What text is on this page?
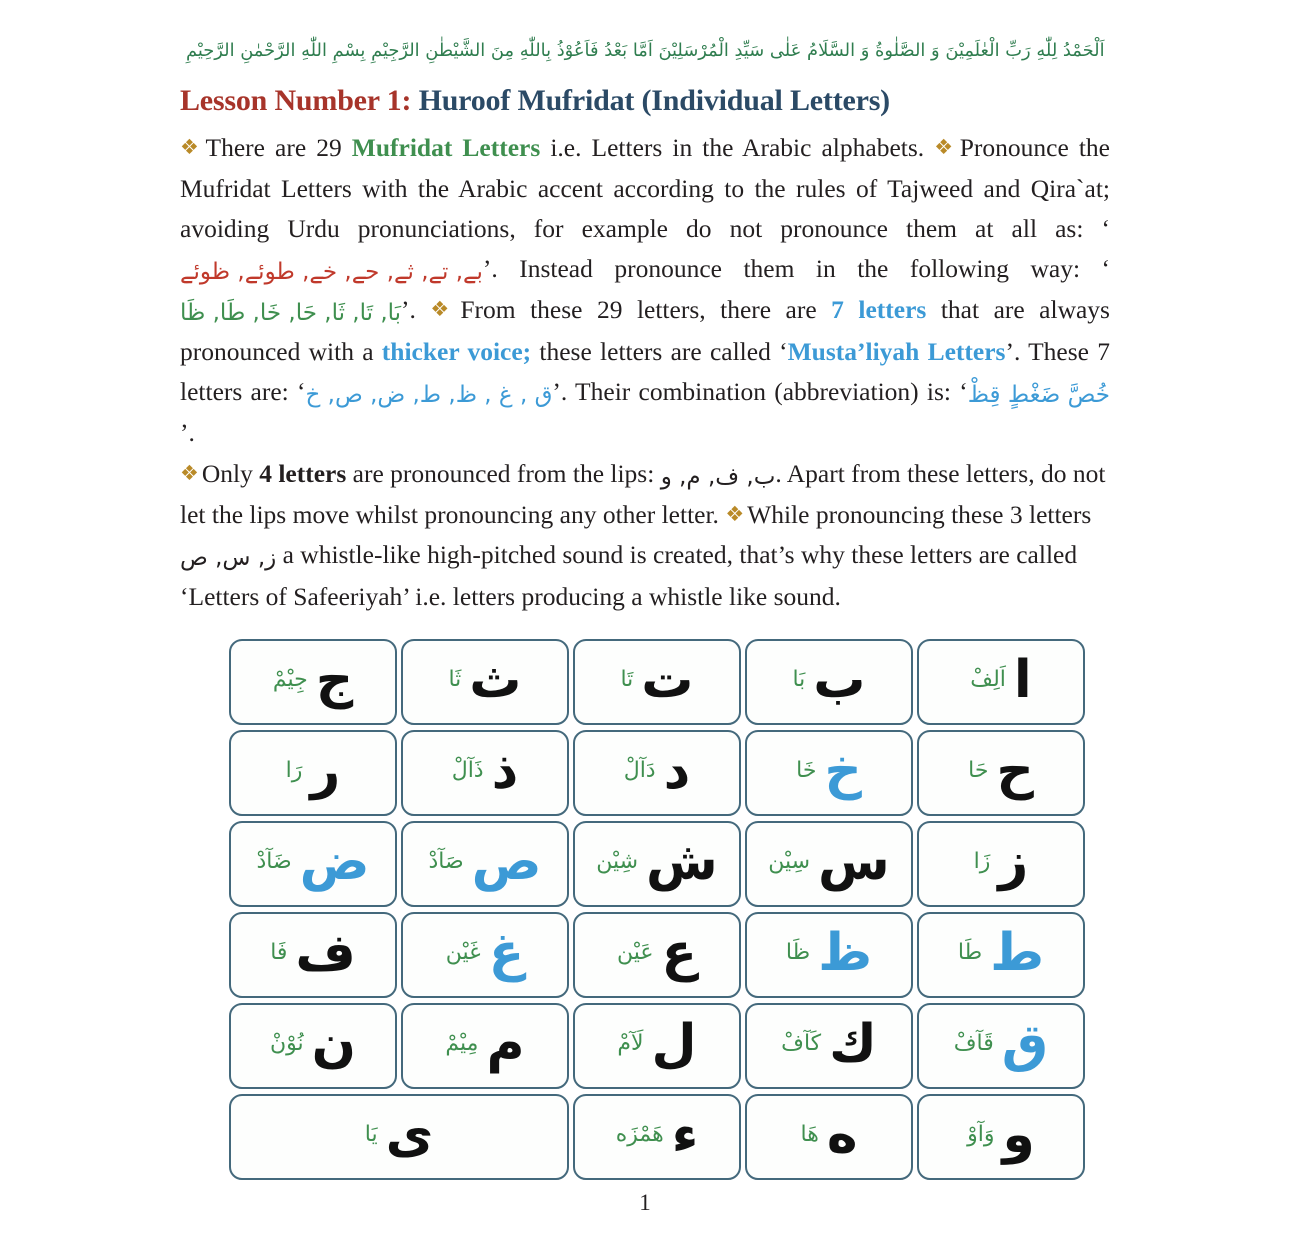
اَلْحَمْدُ لِلّٰهِ رَبِّ الْعٰلَمِيْنَ وَ الصَّلٰوةُ وَ السَّلَامُ عَلٰى سَيِّدِ الْمُرْسَلِيْنَ اَمَّا بَعْدُ فَاَعُوْذُ بِاللّٰهِ مِنَ الشَّيْطٰنِ الرَّجِيْمِ بِسْمِ اللّٰهِ الرَّحْمٰنِ الرَّحِيْمِ
Lesson Number 1: Huroof Mufridat (Individual Letters)

❖ There are 29 Mufridat Letters i.e. Letters in the Arabic alphabets. ❖ Pronounce the Mufridat Letters with the Arabic accent according to the rules of Tajweed and Qira`at; avoiding Urdu pronunciations, for example do not pronounce them at all as: ‘بے, تے, ثے, حے, خے, طوئے, ظوئے’. Instead pronounce them in the following way: ‘بَا, تَا, ثَا, حَا, خَا, طَا, ظَا’. ❖ From these 29 letters, there are 7 letters that are always pronounced with a thicker voice; these letters are called ‘Musta’liyah Letters’. These 7 letters are: ‘ق , غ , ظ, ط, ض, ص, خ’. Their combination (abbreviation) is: ‘خُصَّ ضَغْطٍ قِظْ’.

❖ Only 4 letters are pronounced from the lips: ب, ف, م, و. Apart from these letters, do not let the lips move whilst pronouncing any other letter. ❖ While pronouncing these 3 letters ز, س, ص a whistle-like high-pitched sound is created, that’s why these letters are called ‘Letters of Safeeriyah’ i.e. letters producing a whistle like sound.

ا
اَلِفْ
ب
بَا
ت
تَا
ث
ثَا
ج
جِيْمْ
ح
حَا
خ
خَا
د
دَآلْ
ذ
ذَآلْ
ر
رَا
ز
زَا
س
سِيْن
ش
شِيْن
ص
صَآدْ
ض
ضَآدْ
ط
طَا
ظ
ظَا
ع
عَيْن
غ
غَيْن
ف
فَا
ق
قَآفْ
ك
كَآفْ
ل
لَآمْ
م
مِيْمْ
ن
نُوْنْ
و
وَآوْ
ه
هَا
ء
هَمْزَه
ى
يَا
1
